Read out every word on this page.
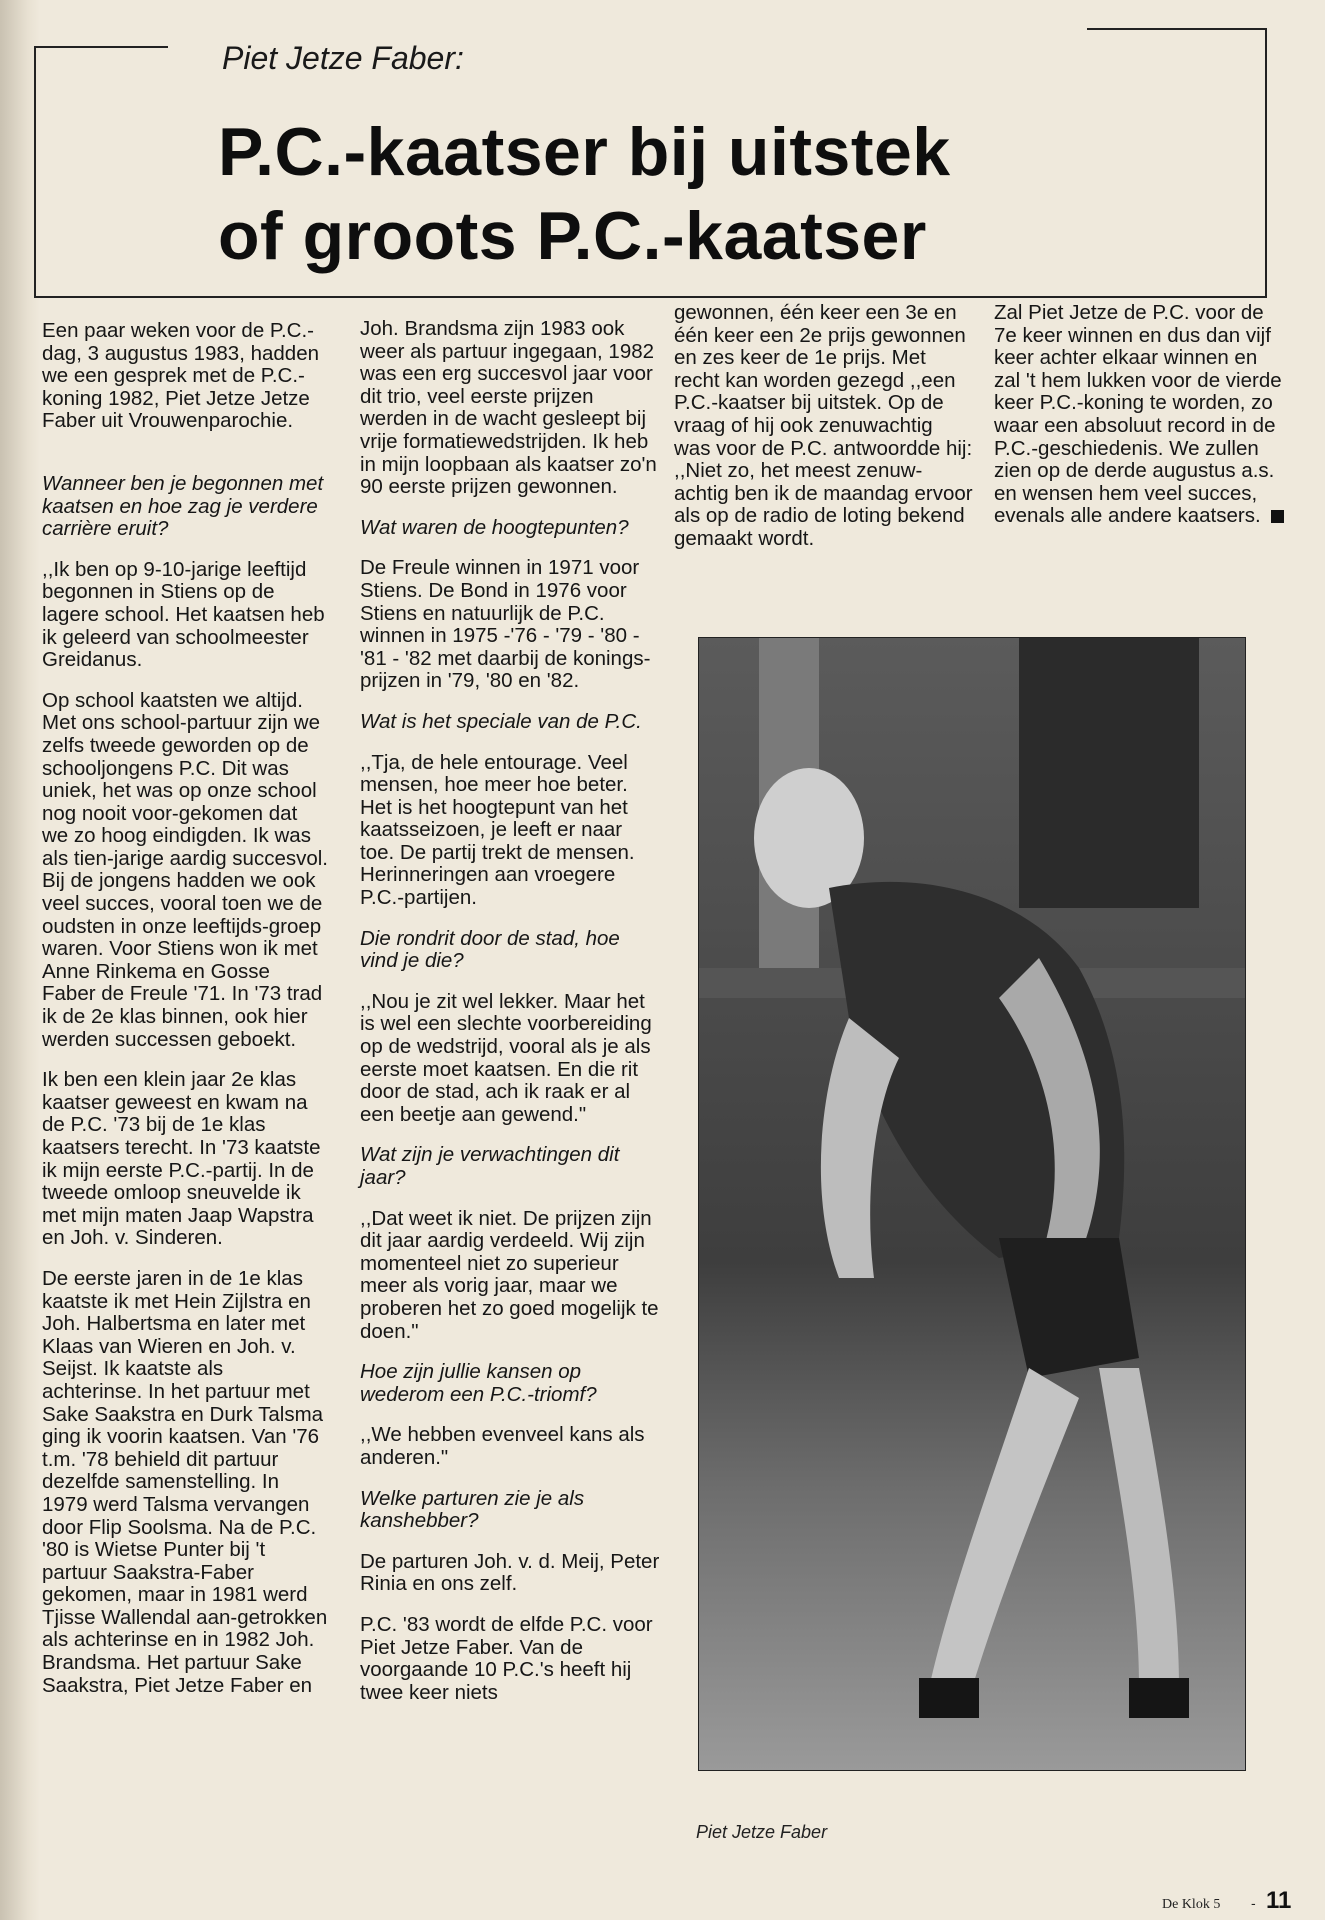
Piet Jetze Faber:
P.C.-kaatser bij uitstek
of groots P.C.-kaatser

Een paar weken voor de P.C.-dag, 3 augustus 1983, hadden we een gesprek met de P.C.-koning 1982, Piet Jetze Jetze Faber uit Vrouwenparochie.

Wanneer ben je begonnen met kaatsen en hoe zag je verdere carrière eruit?

,,Ik ben op 9-10-jarige leeftijd begonnen in Stiens op de lagere school. Het kaatsen heb ik geleerd van schoolmeester Greidanus.

Op school kaatsten we altijd. Met ons school-partuur zijn we zelfs tweede geworden op de schooljongens P.C. Dit was uniek, het was op onze school nog nooit voor-gekomen dat we zo hoog eindigden. Ik was als tien-jarige aardig succesvol. Bij de jongens hadden we ook veel succes, vooral toen we de oudsten in onze leeftijds-groep waren. Voor Stiens won ik met Anne Rinkema en Gosse Faber de Freule '71. In '73 trad ik de 2e klas binnen, ook hier werden successen geboekt.

Ik ben een klein jaar 2e klas kaatser geweest en kwam na de P.C. '73 bij de 1e klas kaatsers terecht. In '73 kaatste ik mijn eerste P.C.-partij. In de tweede omloop sneuvelde ik met mijn maten Jaap Wapstra en Joh. v. Sinderen.

De eerste jaren in de 1e klas kaatste ik met Hein Zijlstra en Joh. Halbertsma en later met Klaas van Wieren en Joh. v. Seijst. Ik kaatste als achterinse. In het partuur met Sake Saakstra en Durk Talsma ging ik voorin kaatsen. Van '76 t.m. '78 behield dit partuur dezelfde samenstelling. In 1979 werd Talsma vervangen door Flip Soolsma. Na de P.C. '80 is Wietse Punter bij 't partuur Saakstra-Faber gekomen, maar in 1981 werd Tjisse Wallendal aan-getrokken als achterinse en in 1982 Joh. Brandsma. Het partuur Sake Saakstra, Piet Jetze Faber en

Joh. Brandsma zijn 1983 ook weer als partuur ingegaan, 1982 was een erg succesvol jaar voor dit trio, veel eerste prijzen werden in de wacht gesleept bij vrije formatiewedstrijden. Ik heb in mijn loopbaan als kaatser zo'n 90 eerste prijzen gewonnen.

Wat waren de hoogtepunten?

De Freule winnen in 1971 voor Stiens. De Bond in 1976 voor Stiens en natuurlijk de P.C. winnen in 1975 -'76 - '79 - '80 - '81 - '82 met daarbij de konings-prijzen in '79, '80 en '82.

Wat is het speciale van de P.C.

,,Tja, de hele entourage. Veel mensen, hoe meer hoe beter. Het is het hoogtepunt van het kaatsseizoen, je leeft er naar toe. De partij trekt de mensen. Herinneringen aan vroegere P.C.-partijen.

Die rondrit door de stad, hoe vind je die?

,,Nou je zit wel lekker. Maar het is wel een slechte voorbereiding op de wedstrijd, vooral als je als eerste moet kaatsen. En die rit door de stad, ach ik raak er al een beetje aan gewend."

Wat zijn je verwachtingen dit jaar?

,,Dat weet ik niet. De prijzen zijn dit jaar aardig verdeeld. Wij zijn momenteel niet zo superieur meer als vorig jaar, maar we proberen het zo goed mogelijk te doen."

Hoe zijn jullie kansen op wederom een P.C.-triomf?

,,We hebben evenveel kans als anderen."

Welke parturen zie je als kanshebber?

De parturen Joh. v. d. Meij, Peter Rinia en ons zelf.

P.C. '83 wordt de elfde P.C. voor Piet Jetze Faber. Van de voorgaande 10 P.C.'s heeft hij twee keer niets

gewonnen, één keer een 3e en één keer een 2e prijs gewonnen en zes keer de 1e prijs. Met recht kan worden gezegd ,,een P.C.-kaatser bij uitstek. Op de vraag of hij ook zenuwachtig was voor de P.C. antwoordde hij: ,,Niet zo, het meest zenuw-achtig ben ik de maandag ervoor als op de radio de loting bekend gemaakt wordt.

Zal Piet Jetze de P.C. voor de 7e keer winnen en dus dan vijf keer achter elkaar winnen en zal 't hem lukken voor de vierde keer P.C.-koning te worden, zo waar een absoluut record in de P.C.-geschiedenis. We zullen zien op de derde augustus a.s. en wensen hem veel succes, evenals alle andere kaatsers.

Piet Jetze Faber
De Klok 5 - 11
